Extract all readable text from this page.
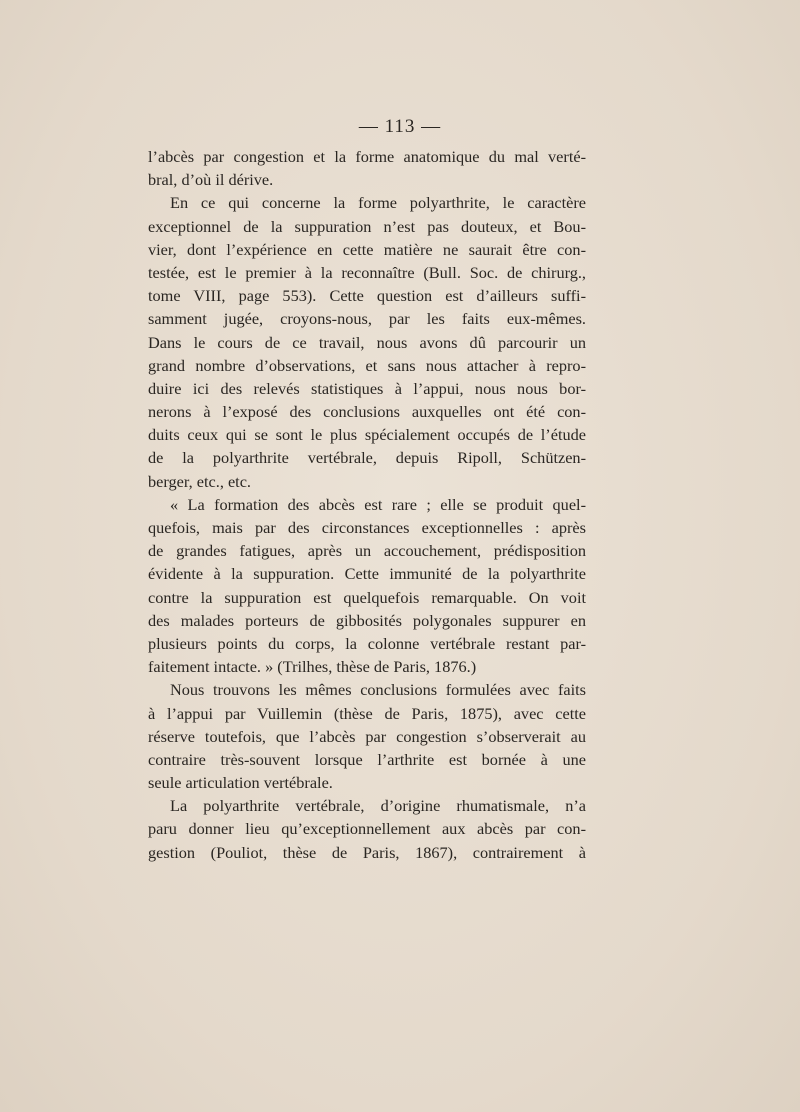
— 113 —
l’abcès par congestion et la forme anatomique du mal verté-
bral, d’où il dérive.
En ce qui concerne la forme polyarthrite, le caractère
exceptionnel de la suppuration n’est pas douteux, et Bou-
vier, dont l’expérience en cette matière ne saurait être con-
testée, est le premier à la reconnaître (Bull. Soc. de chirurg.,
tome VIII, page 553). Cette question est d’ailleurs suffi-
samment jugée, croyons-nous, par les faits eux-mêmes.
Dans le cours de ce travail, nous avons dû parcourir un
grand nombre d’observations, et sans nous attacher à repro-
duire ici des relevés statistiques à l’appui, nous nous bor-
nerons à l’exposé des conclusions auxquelles ont été con-
duits ceux qui se sont le plus spécialement occupés de l’étude
de la polyarthrite vertébrale, depuis Ripoll, Schützen-
berger, etc., etc.
« La formation des abcès est rare ; elle se produit quel-
quefois, mais par des circonstances exceptionnelles : après
de grandes fatigues, après un accouchement, prédisposition
évidente à la suppuration. Cette immunité de la polyarthrite
contre la suppuration est quelquefois remarquable. On voit
des malades porteurs de gibbosités polygonales suppurer en
plusieurs points du corps, la colonne vertébrale restant par-
faitement intacte. » (Trilhes, thèse de Paris, 1876.)
Nous trouvons les mêmes conclusions formulées avec faits
à l’appui par Vuillemin (thèse de Paris, 1875), avec cette
réserve toutefois, que l’abcès par congestion s’observerait au
contraire très-souvent lorsque l’arthrite est bornée à une
seule articulation vertébrale.
La polyarthrite vertébrale, d’origine rhumatismale, n’a
paru donner lieu qu’exceptionnellement aux abcès par con-
gestion (Pouliot, thèse de Paris, 1867), contrairement à
